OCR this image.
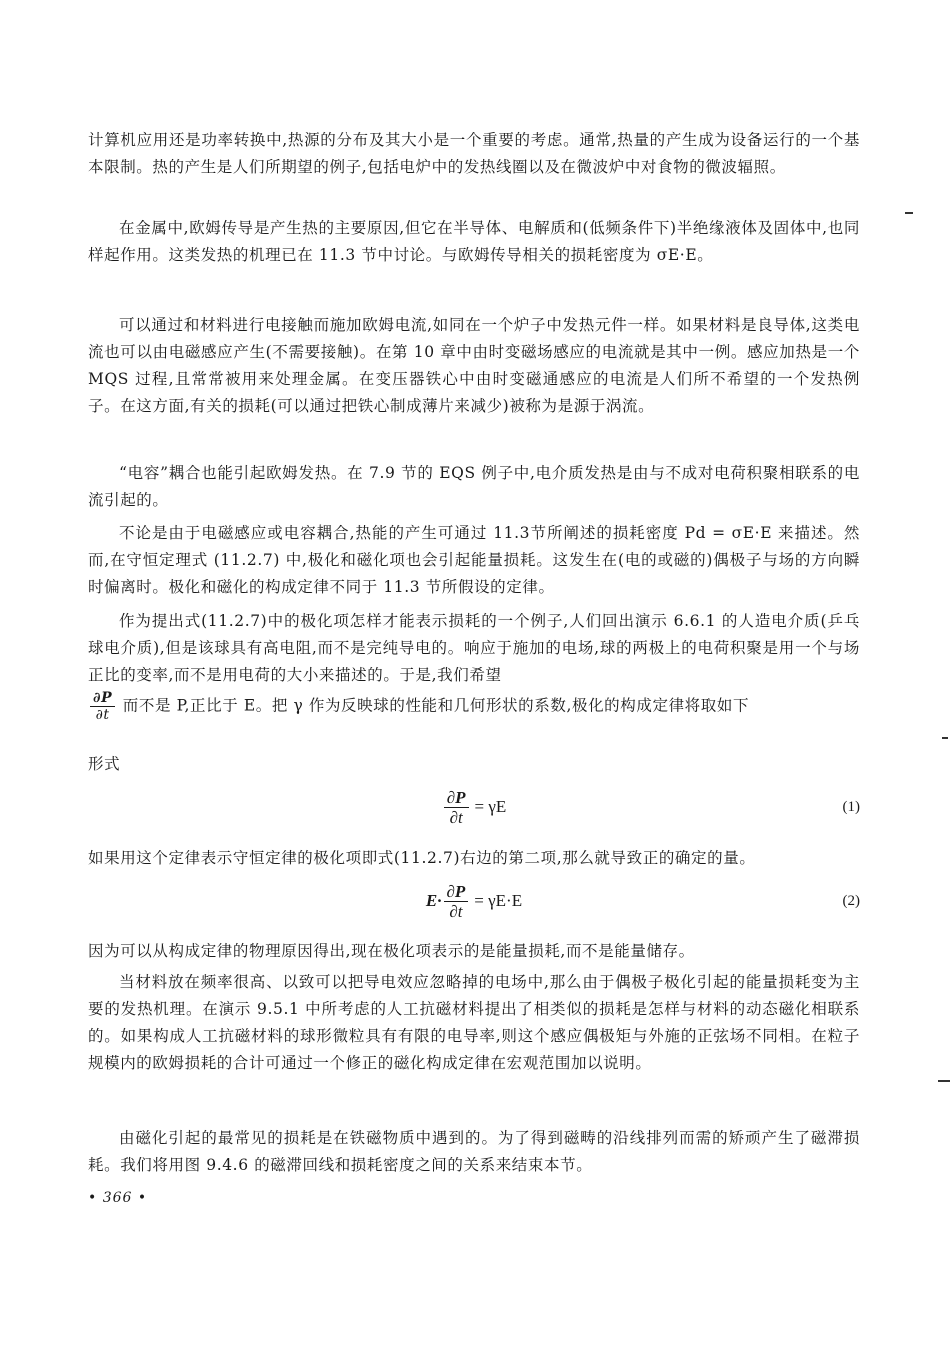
计算机应用还是功率转换中,热源的分布及其大小是一个重要的考虑。通常,热量的产生成为设备运行的一个基本限制。热的产生是人们所期望的例子,包括电炉中的发热线圈以及在微波炉中对食物的微波辐照。

在金属中,欧姆传导是产生热的主要原因,但它在半导体、电解质和(低频条件下)半绝缘液体及固体中,也同样起作用。这类发热的机理已在 11.3 节中讨论。与欧姆传导相关的损耗密度为 σE·E。

可以通过和材料进行电接触而施加欧姆电流,如同在一个炉子中发热元件一样。如果材料是良导体,这类电流也可以由电磁感应产生(不需要接触)。在第 10 章中由时变磁场感应的电流就是其中一例。感应加热是一个 MQS 过程,且常常被用来处理金属。在变压器铁心中由时变磁通感应的电流是人们所不希望的一个发热例子。在这方面,有关的损耗(可以通过把铁心制成薄片来减少)被称为是源于涡流。

“电容”耦合也能引起欧姆发热。在 7.9 节的 EQS 例子中,电介质发热是由与不成对电荷积聚相联系的电流引起的。

不论是由于电磁感应或电容耦合,热能的产生可通过 11.3节所阐述的损耗密度 Pd = σE·E 来描述。然而,在守恒定理式 (11.2.7) 中,极化和磁化项也会引起能量损耗。这发生在(电的或磁的)偶极子与场的方向瞬时偏离时。极化和磁化的构成定律不同于 11.3 节所假设的定律。

作为提出式(11.2.7)中的极化项怎样才能表示损耗的一个例子,人们回出演示 6.6.1 的人造电介质(乒乓球电介质),但是该球具有高电阻,而不是完纯导电的。响应于施加的电场,球的两极上的电荷积聚是用一个与场正比的变率,而不是用电荷的大小来描述的。于是,我们希望

$\frac{\partial P}{\partial t}$ 而不是 P,正比于 E。把 γ 作为反映球的性能和几何形状的系数,极化的构成定律将取如下

形式

$\frac{\partial P}{\partial t} = \gamma E$	(1)

如果用这个定律表示守恒定律的极化项即式(11.2.7)右边的第二项,那么就导致正的确定的量。

$E\cdot \frac{\partial P}{\partial t} = \gamma E\cdot E$	(2)

因为可以从构成定律的物理原因得出,现在极化项表示的是能量损耗,而不是能量储存。

当材料放在频率很高、以致可以把导电效应忽略掉的电场中,那么由于偶极子极化引起的能量损耗变为主要的发热机理。在演示 9.5.1 中所考虑的人工抗磁材料提出了相类似的损耗是怎样与材料的动态磁化相联系的。如果构成人工抗磁材料的球形微粒具有有限的电导率,则这个感应偶极矩与外施的正弦场不同相。在粒子规模内的欧姆损耗的合计可通过一个修正的磁化构成定律在宏观范围加以说明。

由磁化引起的最常见的损耗是在铁磁物质中遇到的。为了得到磁畴的沿线排列而需的矫顽产生了磁滞损耗。我们将用图 9.4.6 的磁滞回线和损耗密度之间的关系来结束本节。

• 366 •
